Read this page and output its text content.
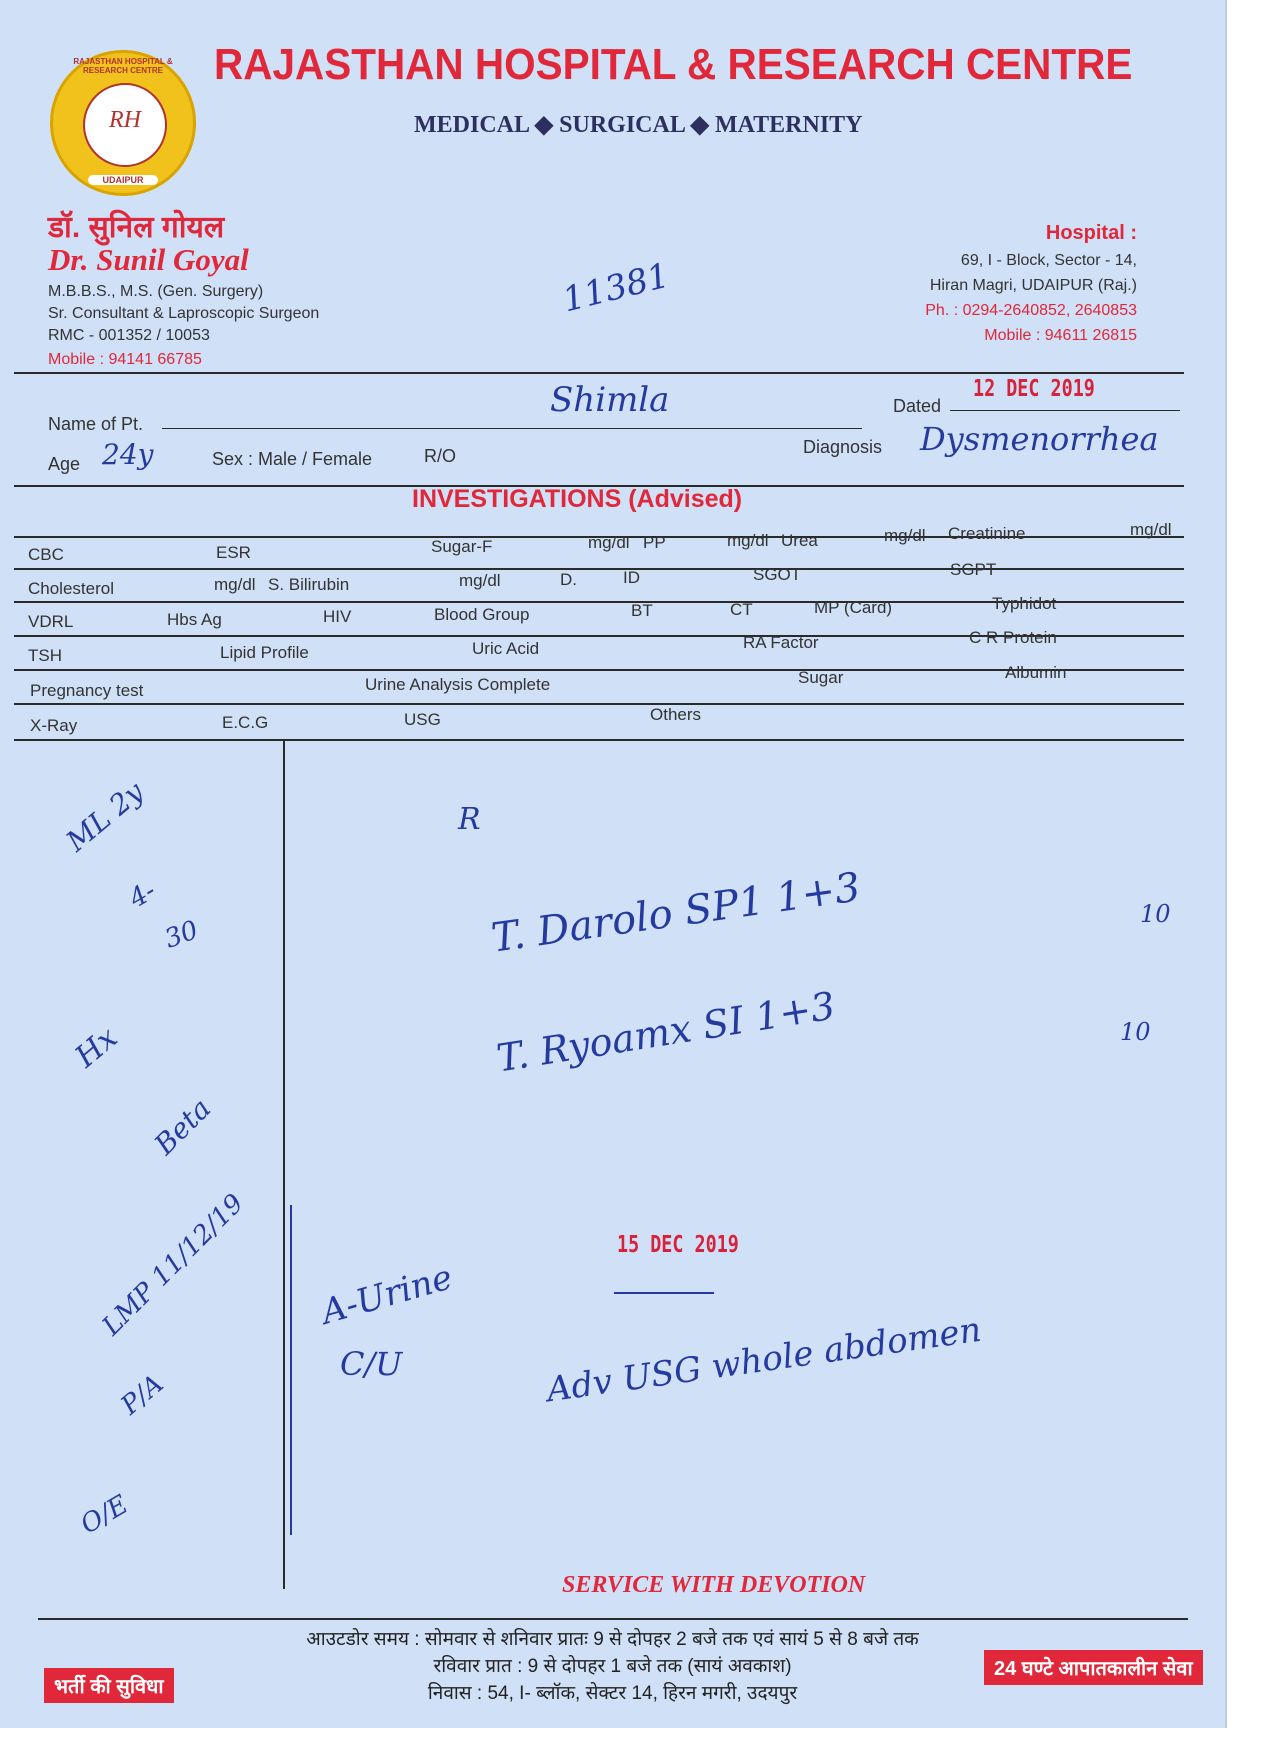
RAJASTHAN HOSPITAL & RESEARCH CENTRE
RH
UDAIPUR
RAJASTHAN HOSPITAL & RESEARCH CENTRE
MEDICAL ◆ SURGICAL ◆ MATERNITY
डॉ. सुनिल गोयल
Dr. Sunil Goyal
M.B.B.S., M.S. (Gen. Surgery)
Sr. Consultant & Laproscopic Surgeon
RMC - 001352 / 10053
Mobile : 94141 66785
Hospital :
69, I - Block, Sector - 14,
Hiran Magri, UDAIPUR (Raj.)
Ph. : 0294-2640852, 2640853
Mobile : 94611 26815
11381
Name of Pt.
Shimla	Dated
12 DEC 2019
Age 24y	Sex : Male / Female	R/O	Diagnosis Dysmenorrhea
INVESTIGATIONS (Advised)
CBC	ESR	Sugar-F	mg/dl PP	mg/dl Urea	mg/dl Creatinine	mg/dl
Cholesterol	mg/dl S. Bilirubin	mg/dl	D.	ID	SGOT	SGPT
VDRL	Hbs Ag	HIV	Blood Group	BT	CT	MP (Card)	Typhidot
TSH	Lipid Profile	Uric Acid	RA Factor	C R Protein
Pregnancy test	Urine Analysis Complete	Sugar	Albumin
X-Ray	E.C.G	USG	Others
ML 2y
4-
30
Hx
Beta
LMP 11/12/19
P/A
O/E
R
T. Darolo SP1 1+3	10
T. Ryoamx SI 1+3	10
15 DEC 2019
A-Urine
C/U	Adv USG whole abdomen
SERVICE WITH DEVOTION
आउटडोर समय : सोमवार से शनिवार प्रातः 9 से दोपहर 2 बजे तक एवं सायं 5 से 8 बजे तक
रविवार प्रात : 9 से दोपहर 1 बजे तक (सायं अवकाश)
निवास : 54, I- ब्लॉक, सेक्टर 14, हिरन मगरी, उदयपुर
भर्ती की सुविधा
24 घण्टे आपातकालीन सेवा
